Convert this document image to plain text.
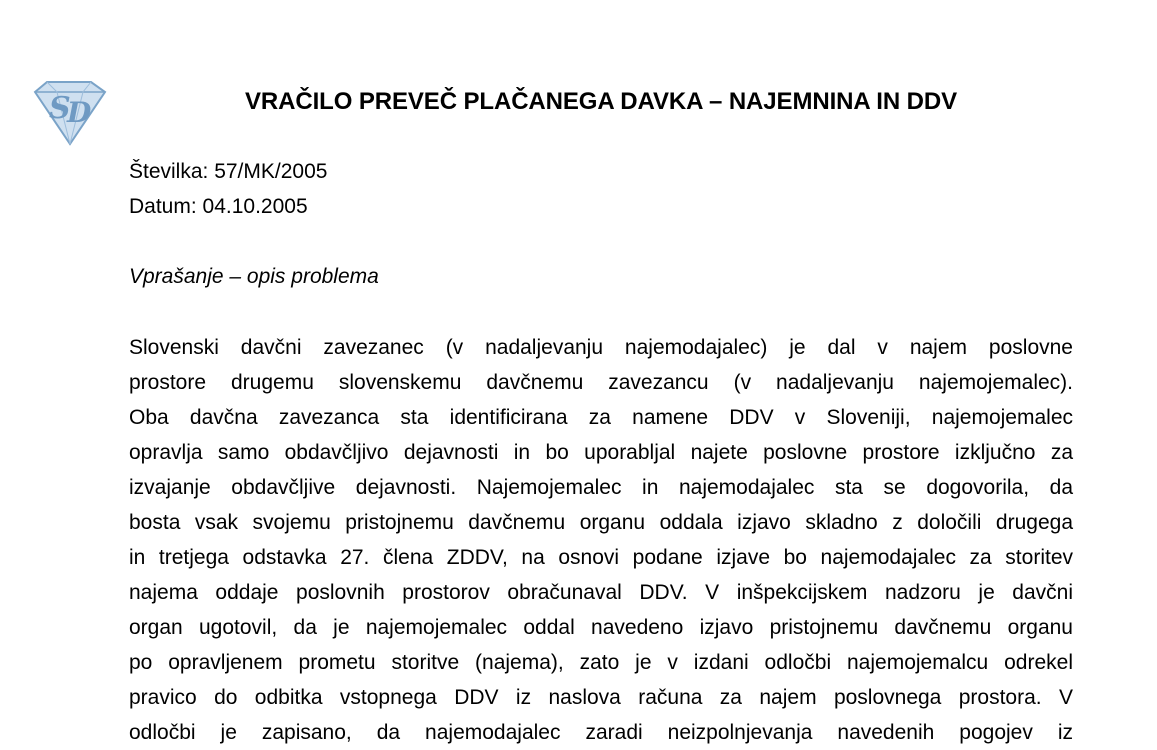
S
D	VRAČILO PREVEČ PLAČANEGA DAVKA – NAJEMNINA IN DDV

Številka: 57/MK/2005

Datum: 04.10.2005

Vprašanje – opis problema

Slovenski davčni zavezanec (v nadaljevanju najemodajalec) je dal v najem poslovne
prostore drugemu slovenskemu davčnemu zavezancu (v nadaljevanju najemojemalec).
Oba davčna zavezanca sta identificirana za namene DDV v Sloveniji, najemojemalec
opravlja samo obdavčljivo dejavnosti in bo uporabljal najete poslovne prostore izključno za
izvajanje obdavčljive dejavnosti. Najemojemalec in najemodajalec sta se dogovorila, da
bosta vsak svojemu pristojnemu davčnemu organu oddala izjavo skladno z določili drugega
in tretjega odstavka 27. člena ZDDV, na osnovi podane izjave bo najemodajalec za storitev
najema oddaje poslovnih prostorov obračunaval DDV. V inšpekcijskem nadzoru je davčni
organ ugotovil, da je najemojemalec oddal navedeno izjavo pristojnemu davčnemu organu
po opravljenem prometu storitve (najema), zato je v izdani odločbi najemojemalcu odrekel
pravico do odbitka vstopnega DDV iz naslova računa za najem poslovnega prostora. V
odločbi je zapisano, da najemodajalec zaradi neizpolnjevanja navedenih pogojev iz
